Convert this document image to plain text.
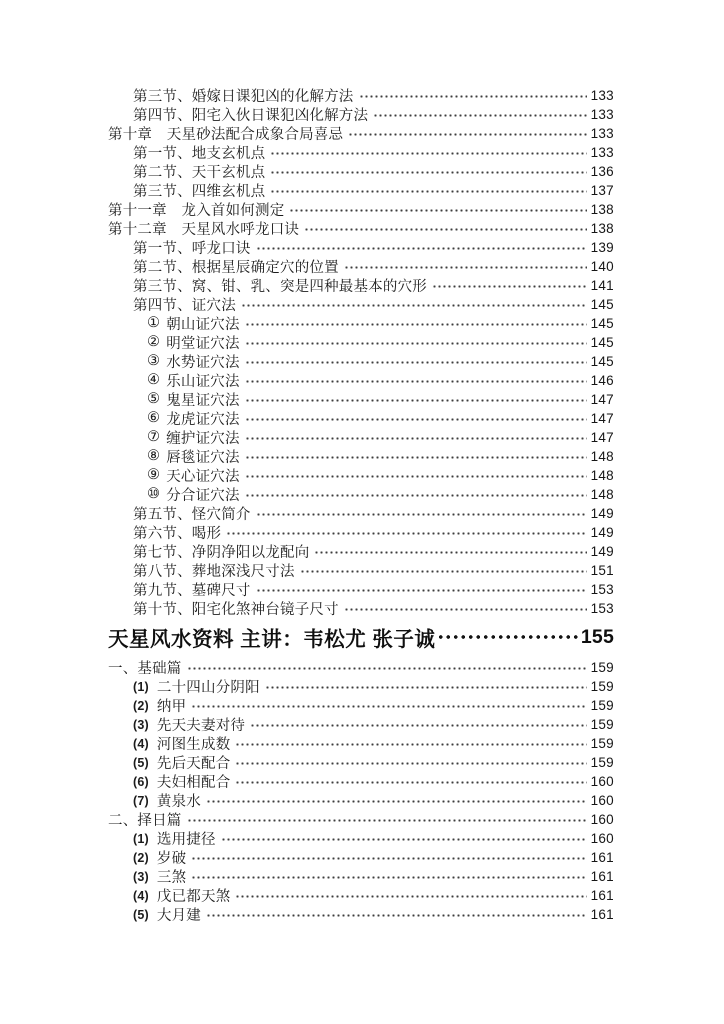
第三节、婚嫁日课犯凶的化解方法	133
第四节、阳宅入伙日课犯凶化解方法	133
第十章　天星砂法配合成象合局喜忌	133
第一节、地支玄机点	133
第二节、天干玄机点	136
第三节、四维玄机点	137
第十一章　龙入首如何测定	138
第十二章　天星风水呼龙口诀	138
第一节、呼龙口诀	139
第二节、根据星辰确定穴的位置	140
第三节、窝、钳、乳、突是四种最基本的穴形	141
第四节、证穴法	145
① 朝山证穴法	145
② 明堂证穴法	145
③ 水势证穴法	145
④ 乐山证穴法	146
⑤ 鬼星证穴法	147
⑥ 龙虎证穴法	147
⑦ 缠护证穴法	147
⑧ 唇毯证穴法	148
⑨ 天心证穴法	148
⑩ 分合证穴法	148
第五节、怪穴简介	149
第六节、喝形	149
第七节、净阴净阳以龙配向	149
第八节、葬地深浅尺寸法	151
第九节、墓碑尺寸	153
第十节、阳宅化煞神台镜子尺寸	153
天星风水资料 主讲：韦松尤 张子诚	155
一、基础篇	159
(1) 二十四山分阴阳	159
(2) 纳甲	159
(3) 先天夫妻对待	159
(4) 河图生成数	159
(5) 先后天配合	159
(6) 夫妇相配合	160
(7) 黄泉水	160
二、择日篇	160
(1) 选用捷径	160
(2) 岁破	161
(3) 三煞	161
(4) 戊已都天煞	161
(5) 大月建	161
